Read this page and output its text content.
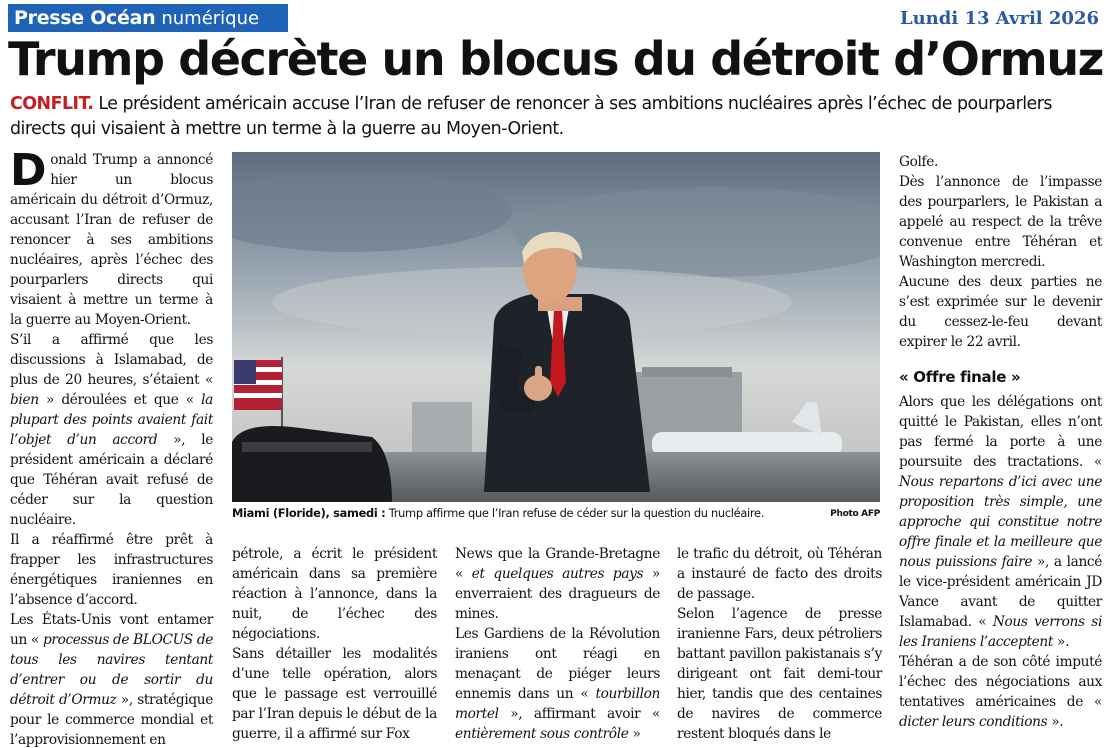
Presse Océan numérique	Lundi 13 Avril 2026
Trump décrète un blocus du détroit d’Ormuz
CONFLIT. Le président américain accuse l’Iran de refuser de renoncer à ses ambitions nucléaires après l’échec de pourparlers directs qui visaient à mettre un terme à la guerre au Moyen-Orient.

Donald Trump a annoncé hier un blocus américain du détroit d’Ormuz, accusant l’Iran de refuser de renoncer à ses ambitions nucléaires, après l’échec des pourparlers directs qui visaient à mettre un terme à la guerre au Moyen-Orient.

S’il a affirmé que les discussions à Islamabad, de plus de 20 heures, s’étaient « bien » déroulées et que « la plupart des points avaient fait l’objet d’un accord », le président américain a déclaré que Téhéran avait refusé de céder sur la question nucléaire.

Il a réaffirmé être prêt à frapper les infrastructures énergétiques iraniennes en l’absence d’accord.

Les États-Unis vont entamer un « processus de BLOCUS de tous les navires tentant d’entrer ou de sortir du détroit d’Ormuz », stratégique pour le commerce mondial et l’approvisionnement en

Miami (Floride), samedi : Trump affirme que l’Iran refuse de céder sur la question du nucléaire.	Photo AFP

pétrole, a écrit le président américain dans sa première réaction à l’annonce, dans la nuit, de l’échec des négociations.

Sans détailler les modalités d’une telle opération, alors que le passage est verrouillé par l’Iran depuis le début de la guerre, il a affirmé sur Fox

News que la Grande-Bretagne « et quelques autres pays » enverraient des dragueurs de mines.

Les Gardiens de la Révolution iraniens ont réagi en menaçant de piéger leurs ennemis dans un « tourbillon mortel », affirmant avoir « entièrement sous contrôle »

le trafic du détroit, où Téhéran a instauré de facto des droits de passage.

Selon l’agence de presse iranienne Fars, deux pétroliers battant pavillon pakistanais s’y dirigeant ont fait demi-tour hier, tandis que des centaines de navires de commerce restent bloqués dans le

Golfe.

Dès l’annonce de l’impasse des pourparlers, le Pakistan a appelé au respect de la trêve convenue entre Téhéran et Washington mercredi.

Aucune des deux parties ne s’est exprimée sur le devenir du cessez-le-feu devant expirer le 22 avril.

« Offre finale »

Alors que les délégations ont quitté le Pakistan, elles n’ont pas fermé la porte à une poursuite des tractations. « Nous repartons d’ici avec une proposition très simple, une approche qui constitue notre offre finale et la meilleure que nous puissions faire », a lancé le vice-président américain JD Vance avant de quitter Islamabad. « Nous verrons si les Iraniens l’acceptent ».

Téhéran a de son côté imputé l’échec des négociations aux tentatives américaines de « dicter leurs conditions ».
